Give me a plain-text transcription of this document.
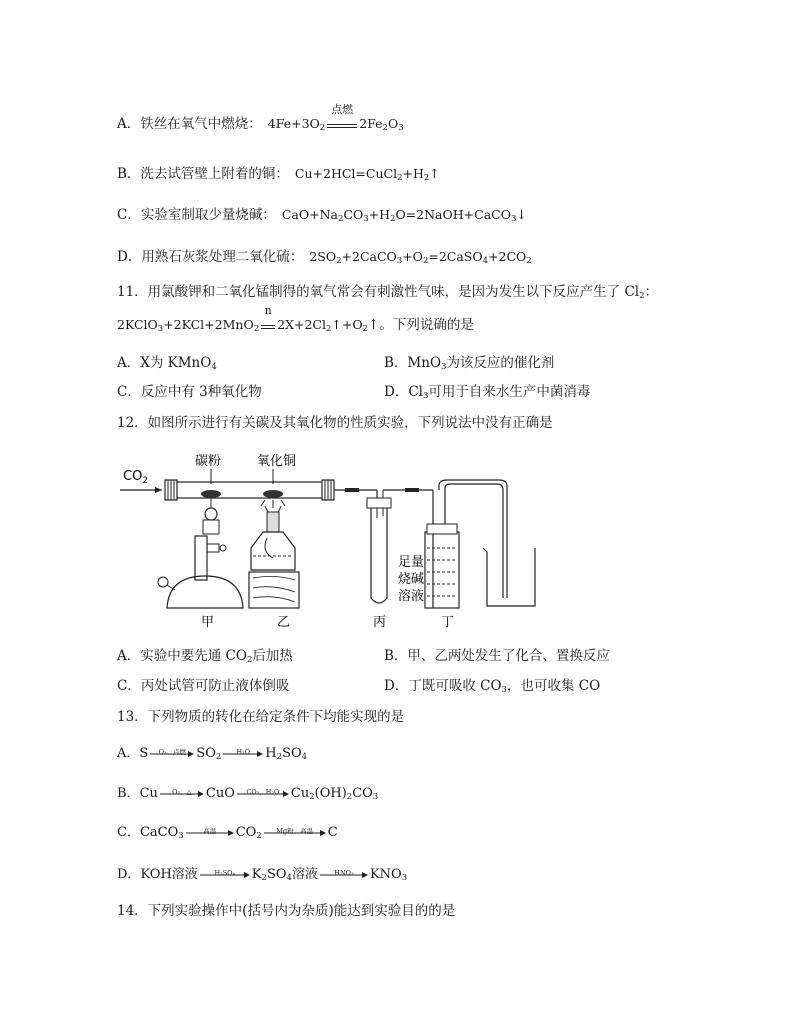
A．铁丝在氧气中燃烧： $4Fe+3O_2$
点燃
$2Fe_2O_3$
B．洗去试管壁上附着的铜： $Cu+2HCl=CuCl_2+H_2↑$
C．实验室制取少量烧碱： $CaO+Na_2CO_3+H_2O=2NaOH+CaCO_3↓$
D．用熟石灰浆处理二氧化硫： $2SO_2+2CaCO_3+O_2=2CaSO_4+2CO_2$
11．用氯酸钾和二氧化锰制得的氧气常会有刺激性气味，是因为发生以下反应产生了 $Cl_2$：
2KClO$_3$+2KCl+2MnO$_2$
n
$2X+2Cl_2↑+O_2↑$。下列说确的是
A．X为 KMnO$_4$	B．MnO$_3$为该反应的催化剂
C．反应中有 3种氧化物	D．$Cl_3$可用于自来水生产中菌消毒
12．如图所示进行有关碳及其氧化物的性质实验，下列说法中没有正确是
$CO_2$
碳粉	氧化铜
足量
烧碱
溶液
甲	乙	丙	丁
A．实验中要先通 $CO_2$后加热	B．甲、乙两处发生了化合、置换反应
C．丙处试管可防止液体倒吸	D．丁既可吸收 $CO_3$，也可收集 CO
13．下列物质的转化在给定条件下均能实现的是
A．S	O₂、点燃 $SO_2$
H₂O	$H_2SO_4$
B．Cu	O₂、△	CuO	CO₂、H₂O $Cu_2(OH)_2CO_3$
C．CaCO$_3$
高温	$CO_2$
Mg粉、高温	C
D．KOH溶液	H₂SO₄	$K_2SO_4$溶液	HNO₃	$KNO_3$
14．下列实验操作中(括号内为杂质)能达到实验目的的是
